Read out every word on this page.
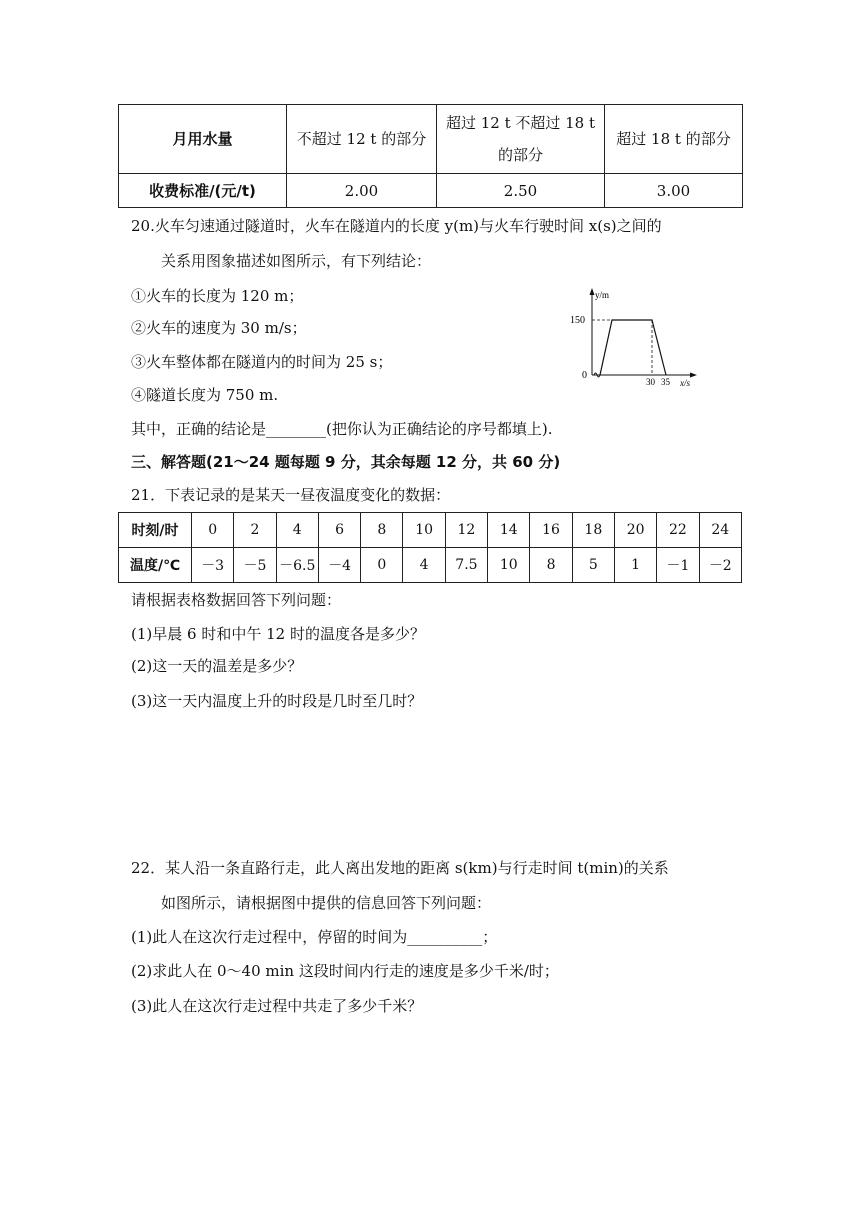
月用水量	不超过 12 t 的部分	超过 12 t 不超过 18 t 的部分	超过 18 t 的部分
收费标准/(元/t)	2.00	2.50	3.00
20.火车匀速通过隧道时，火车在隧道内的长度 y(m)与火车行驶时间 x(s)之间的
关系用图象描述如图所示，有下列结论：
①火车的长度为 120 m；
②火车的速度为 30 m/s；
③火车整体都在隧道内的时间为 25 s；
④隧道长度为 750 m.
其中，正确的结论是________(把你认为正确结论的序号都填上).
y/m
150
0
30 35 x/s
三、解答题(21～24 题每题 9 分，其余每题 12 分，共 60 分)
21．下表记录的是某天一昼夜温度变化的数据：
时刻/时	0	2	4	6	8	10	12	14	16	18	20	22	24
温度/℃	－3	－5	－6.5	－4	0	4	7.5	10	8	5	1	－1	－2
请根据表格数据回答下列问题：
(1)早晨 6 时和中午 12 时的温度各是多少？
(2)这一天的温差是多少？
(3)这一天内温度上升的时段是几时至几时？
22．某人沿一条直路行走，此人离出发地的距离 s(km)与行走时间 t(min)的关系
如图所示，请根据图中提供的信息回答下列问题：
(1)此人在这次行走过程中，停留的时间为__________；
(2)求此人在 0～40 min 这段时间内行走的速度是多少千米/时；
(3)此人在这次行走过程中共走了多少千米？
